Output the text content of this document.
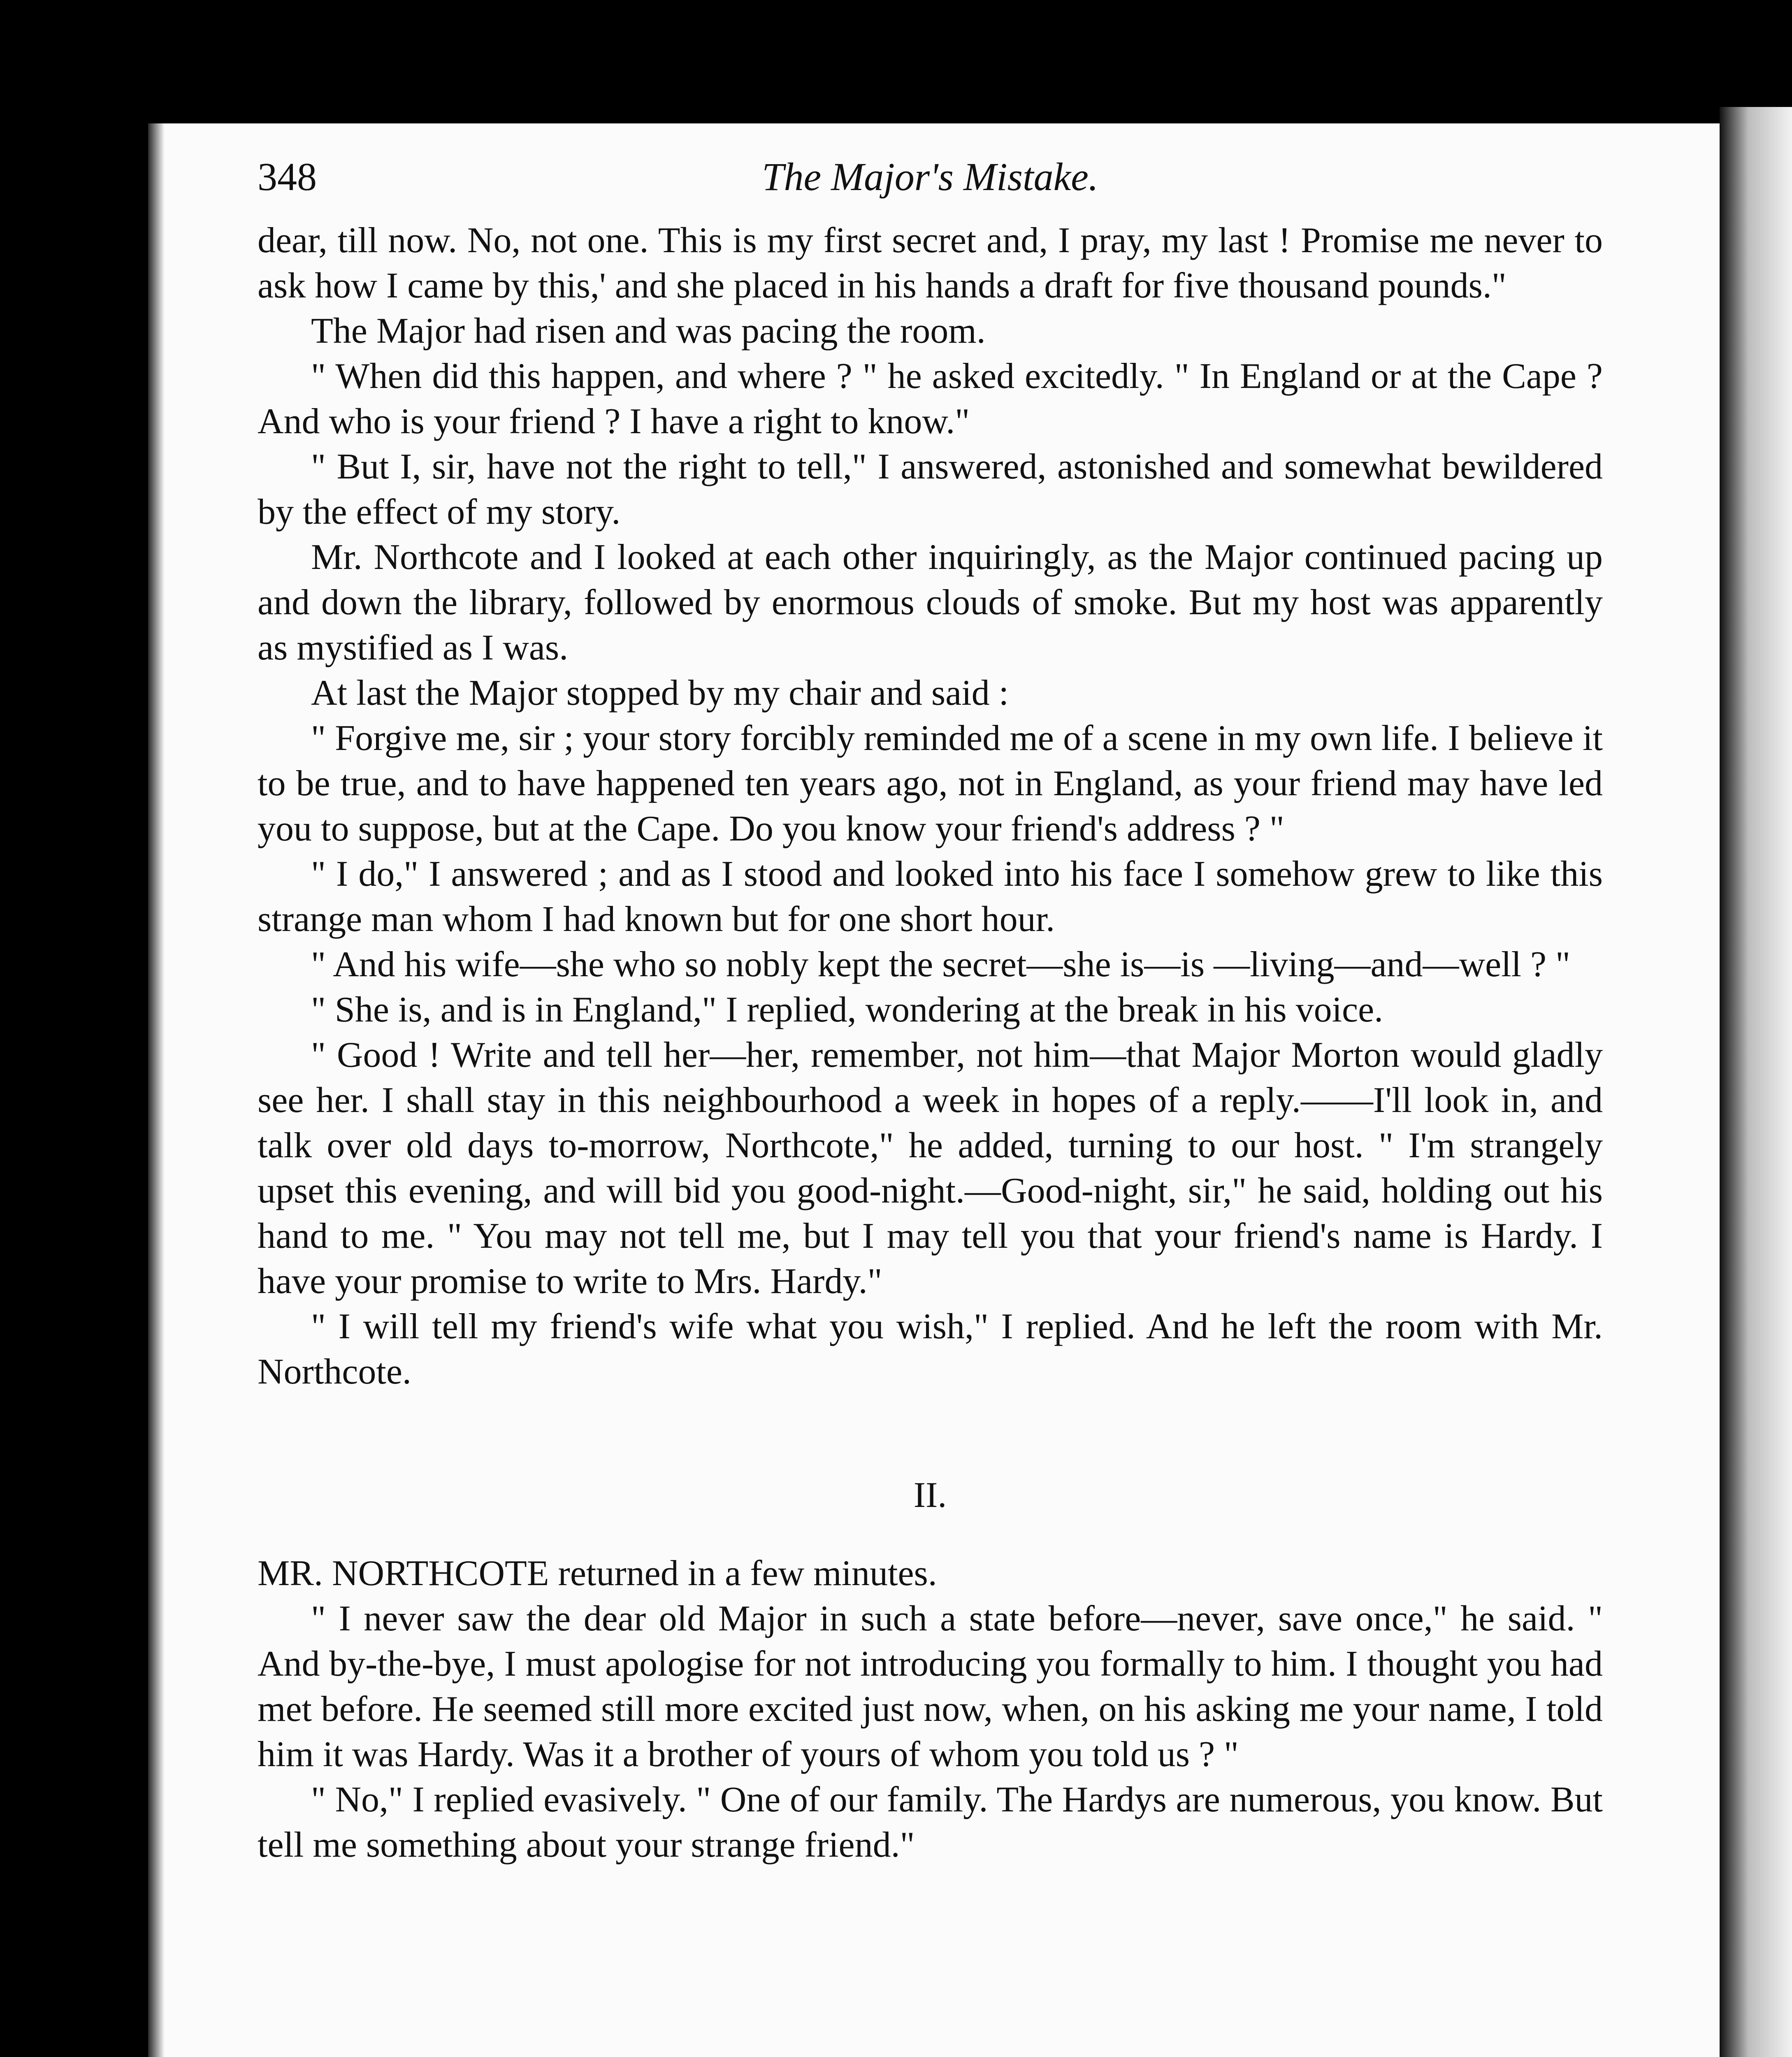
348	The Major's Mistake.

dear, till now. No, not one. This is my first secret and, I pray, my last ! Promise me never to ask how I came by this,' and she placed in his hands a draft for five thousand pounds."

The Major had risen and was pacing the room.

" When did this happen, and where ? " he asked excitedly. " In England or at the Cape ? And who is your friend ? I have a right to know."

" But I, sir, have not the right to tell," I answered, astonished and somewhat bewildered by the effect of my story.

Mr. Northcote and I looked at each other inquiringly, as the Major continued pacing up and down the library, followed by enormous clouds of smoke. But my host was apparently as mystified as I was.

At last the Major stopped by my chair and said :

" Forgive me, sir ; your story forcibly reminded me of a scene in my own life. I believe it to be true, and to have happened ten years ago, not in England, as your friend may have led you to suppose, but at the Cape. Do you know your friend's address ? "

" I do," I answered ; and as I stood and looked into his face I somehow grew to like this strange man whom I had known but for one short hour.

" And his wife—she who so nobly kept the secret—she is—is —living—and—well ? "

" She is, and is in England," I replied, wondering at the break in his voice.

" Good ! Write and tell her—her, remember, not him—that Major Morton would gladly see her. I shall stay in this neighbourhood a week in hopes of a reply.——I'll look in, and talk over old days to-morrow, Northcote," he added, turning to our host. " I'm strangely upset this evening, and will bid you good-night.—Good-night, sir," he said, holding out his hand to me. " You may not tell me, but I may tell you that your friend's name is Hardy. I have your promise to write to Mrs. Hardy."

" I will tell my friend's wife what you wish," I replied. And he left the room with Mr. Northcote.

II.

MR. NORTHCOTE returned in a few minutes.

" I never saw the dear old Major in such a state before—never, save once," he said. " And by-the-bye, I must apologise for not introducing you formally to him. I thought you had met before. He seemed still more excited just now, when, on his asking me your name, I told him it was Hardy. Was it a brother of yours of whom you told us ? "

" No," I replied evasively. " One of our family. The Hardys are numerous, you know. But tell me something about your strange friend."
